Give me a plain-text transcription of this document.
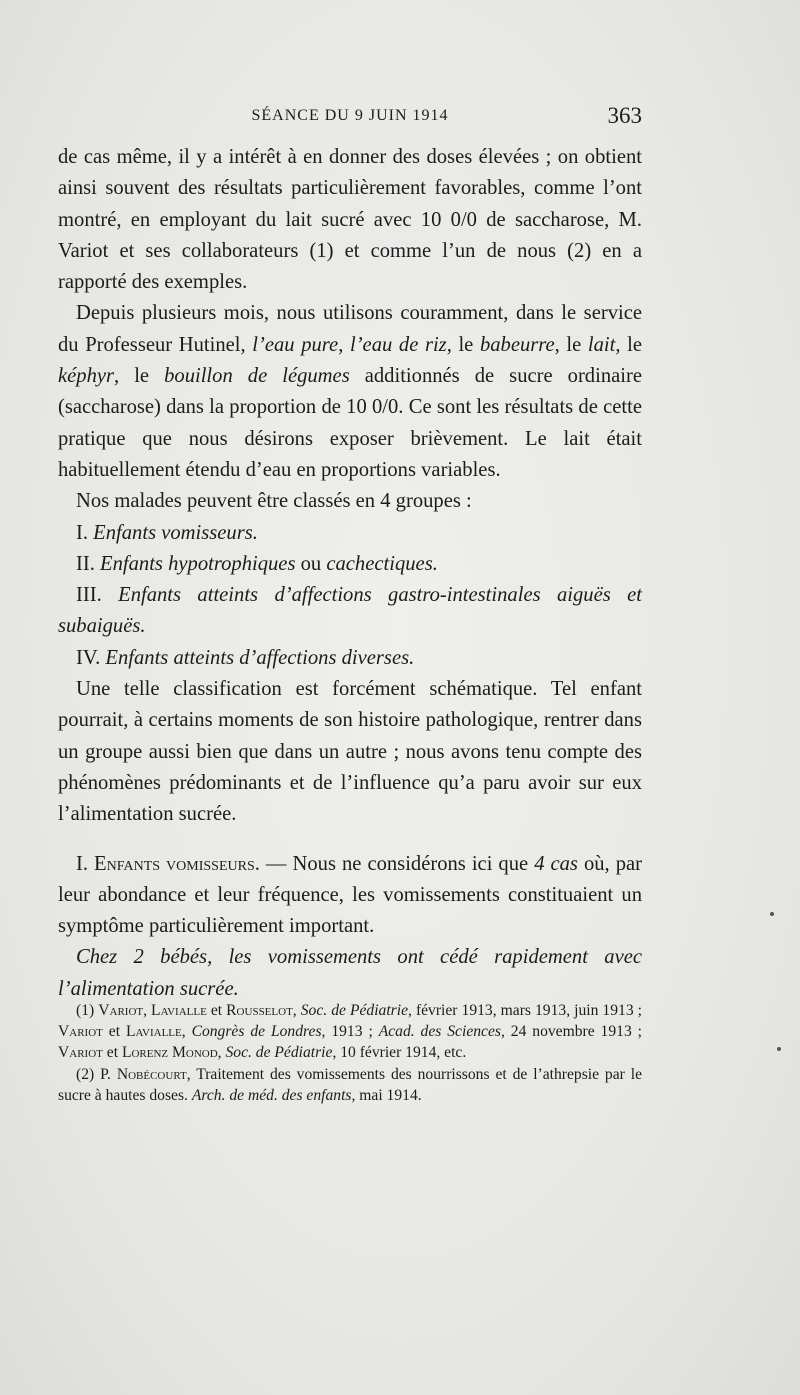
SÉANCE DU 9 JUIN 1914	363

de cas même, il y a intérêt à en donner des doses élevées ; on obtient ainsi souvent des résultats particulièrement favorables, comme l’ont montré, en employant du lait sucré avec 10 0/0 de saccharose, M. Variot et ses collaborateurs (1) et comme l’un de nous (2) en a rapporté des exemples.

Depuis plusieurs mois, nous utilisons couramment, dans le service du Professeur Hutinel, l’eau pure, l’eau de riz, le babeurre, le lait, le képhyr, le bouillon de légumes additionnés de sucre ordinaire (saccharose) dans la proportion de 10 0/0. Ce sont les résultats de cette pratique que nous désirons exposer brièvement. Le lait était habituellement étendu d’eau en proportions variables.

Nos malades peuvent être classés en 4 groupes :

I. Enfants vomisseurs.

II. Enfants hypotrophiques ou cachectiques.

III. Enfants atteints d’affections gastro-intestinales aiguës et subaiguës.

IV. Enfants atteints d’affections diverses.

Une telle classification est forcément schématique. Tel enfant pourrait, à certains moments de son histoire pathologique, rentrer dans un groupe aussi bien que dans un autre ; nous avons tenu compte des phénomènes prédominants et de l’influence qu’a paru avoir sur eux l’alimentation sucrée.

I. Enfants vomisseurs. — Nous ne considérons ici que 4 cas où, par leur abondance et leur fréquence, les vomissements constituaient un symptôme particulièrement important.

Chez 2 bébés, les vomissements ont cédé rapidement avec l’alimentation sucrée.

(1) Variot, Lavialle et Rousselot, Soc. de Pédiatrie, février 1913, mars 1913, juin 1913 ; Variot et Lavialle, Congrès de Londres, 1913 ; Acad. des Sciences, 24 novembre 1913 ; Variot et Lorenz Monod, Soc. de Pédiatrie, 10 février 1914, etc.

(2) P. Nobécourt, Traitement des vomissements des nourrissons et de l’athrepsie par le sucre à hautes doses. Arch. de méd. des enfants, mai 1914.
